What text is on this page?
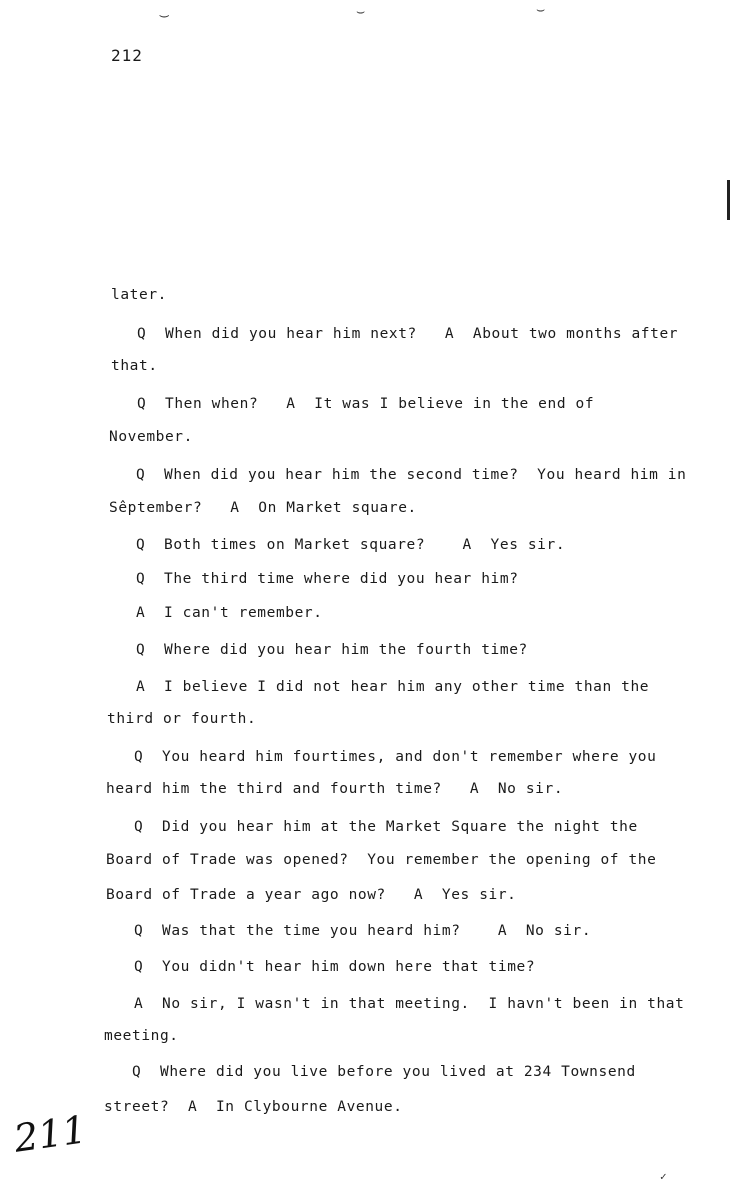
‿	⌣	⌣

212

later.

Q  When did you hear him next?   A  About two months after

that.

Q  Then when?   A  It was I believe in the end of

November.

Q  When did you hear him the second time?  You heard him in

Sêptember?   A  On Market square.

Q  Both times on Market square?    A  Yes sir.

Q  The third time where did you hear him?

A  I can't remember.

Q  Where did you hear him the fourth time?

A  I believe I did not hear him any other time than the

third or fourth.

Q  You heard him fourtimes, and don't remember where you

heard him the third and fourth time?   A  No sir.

Q  Did you hear him at the Market Square the night the

Board of Trade was opened?  You remember the opening of the

Board of Trade a year ago now?   A  Yes sir.

Q  Was that the time you heard him?    A  No sir.

Q  You didn't hear him down here that time?

A  No sir, I wasn't in that meeting.  I havn't been in that

meeting.

Q  Where did you live before you lived at 234 Townsend

street?  A  In Clybourne Avenue.

211

✓
